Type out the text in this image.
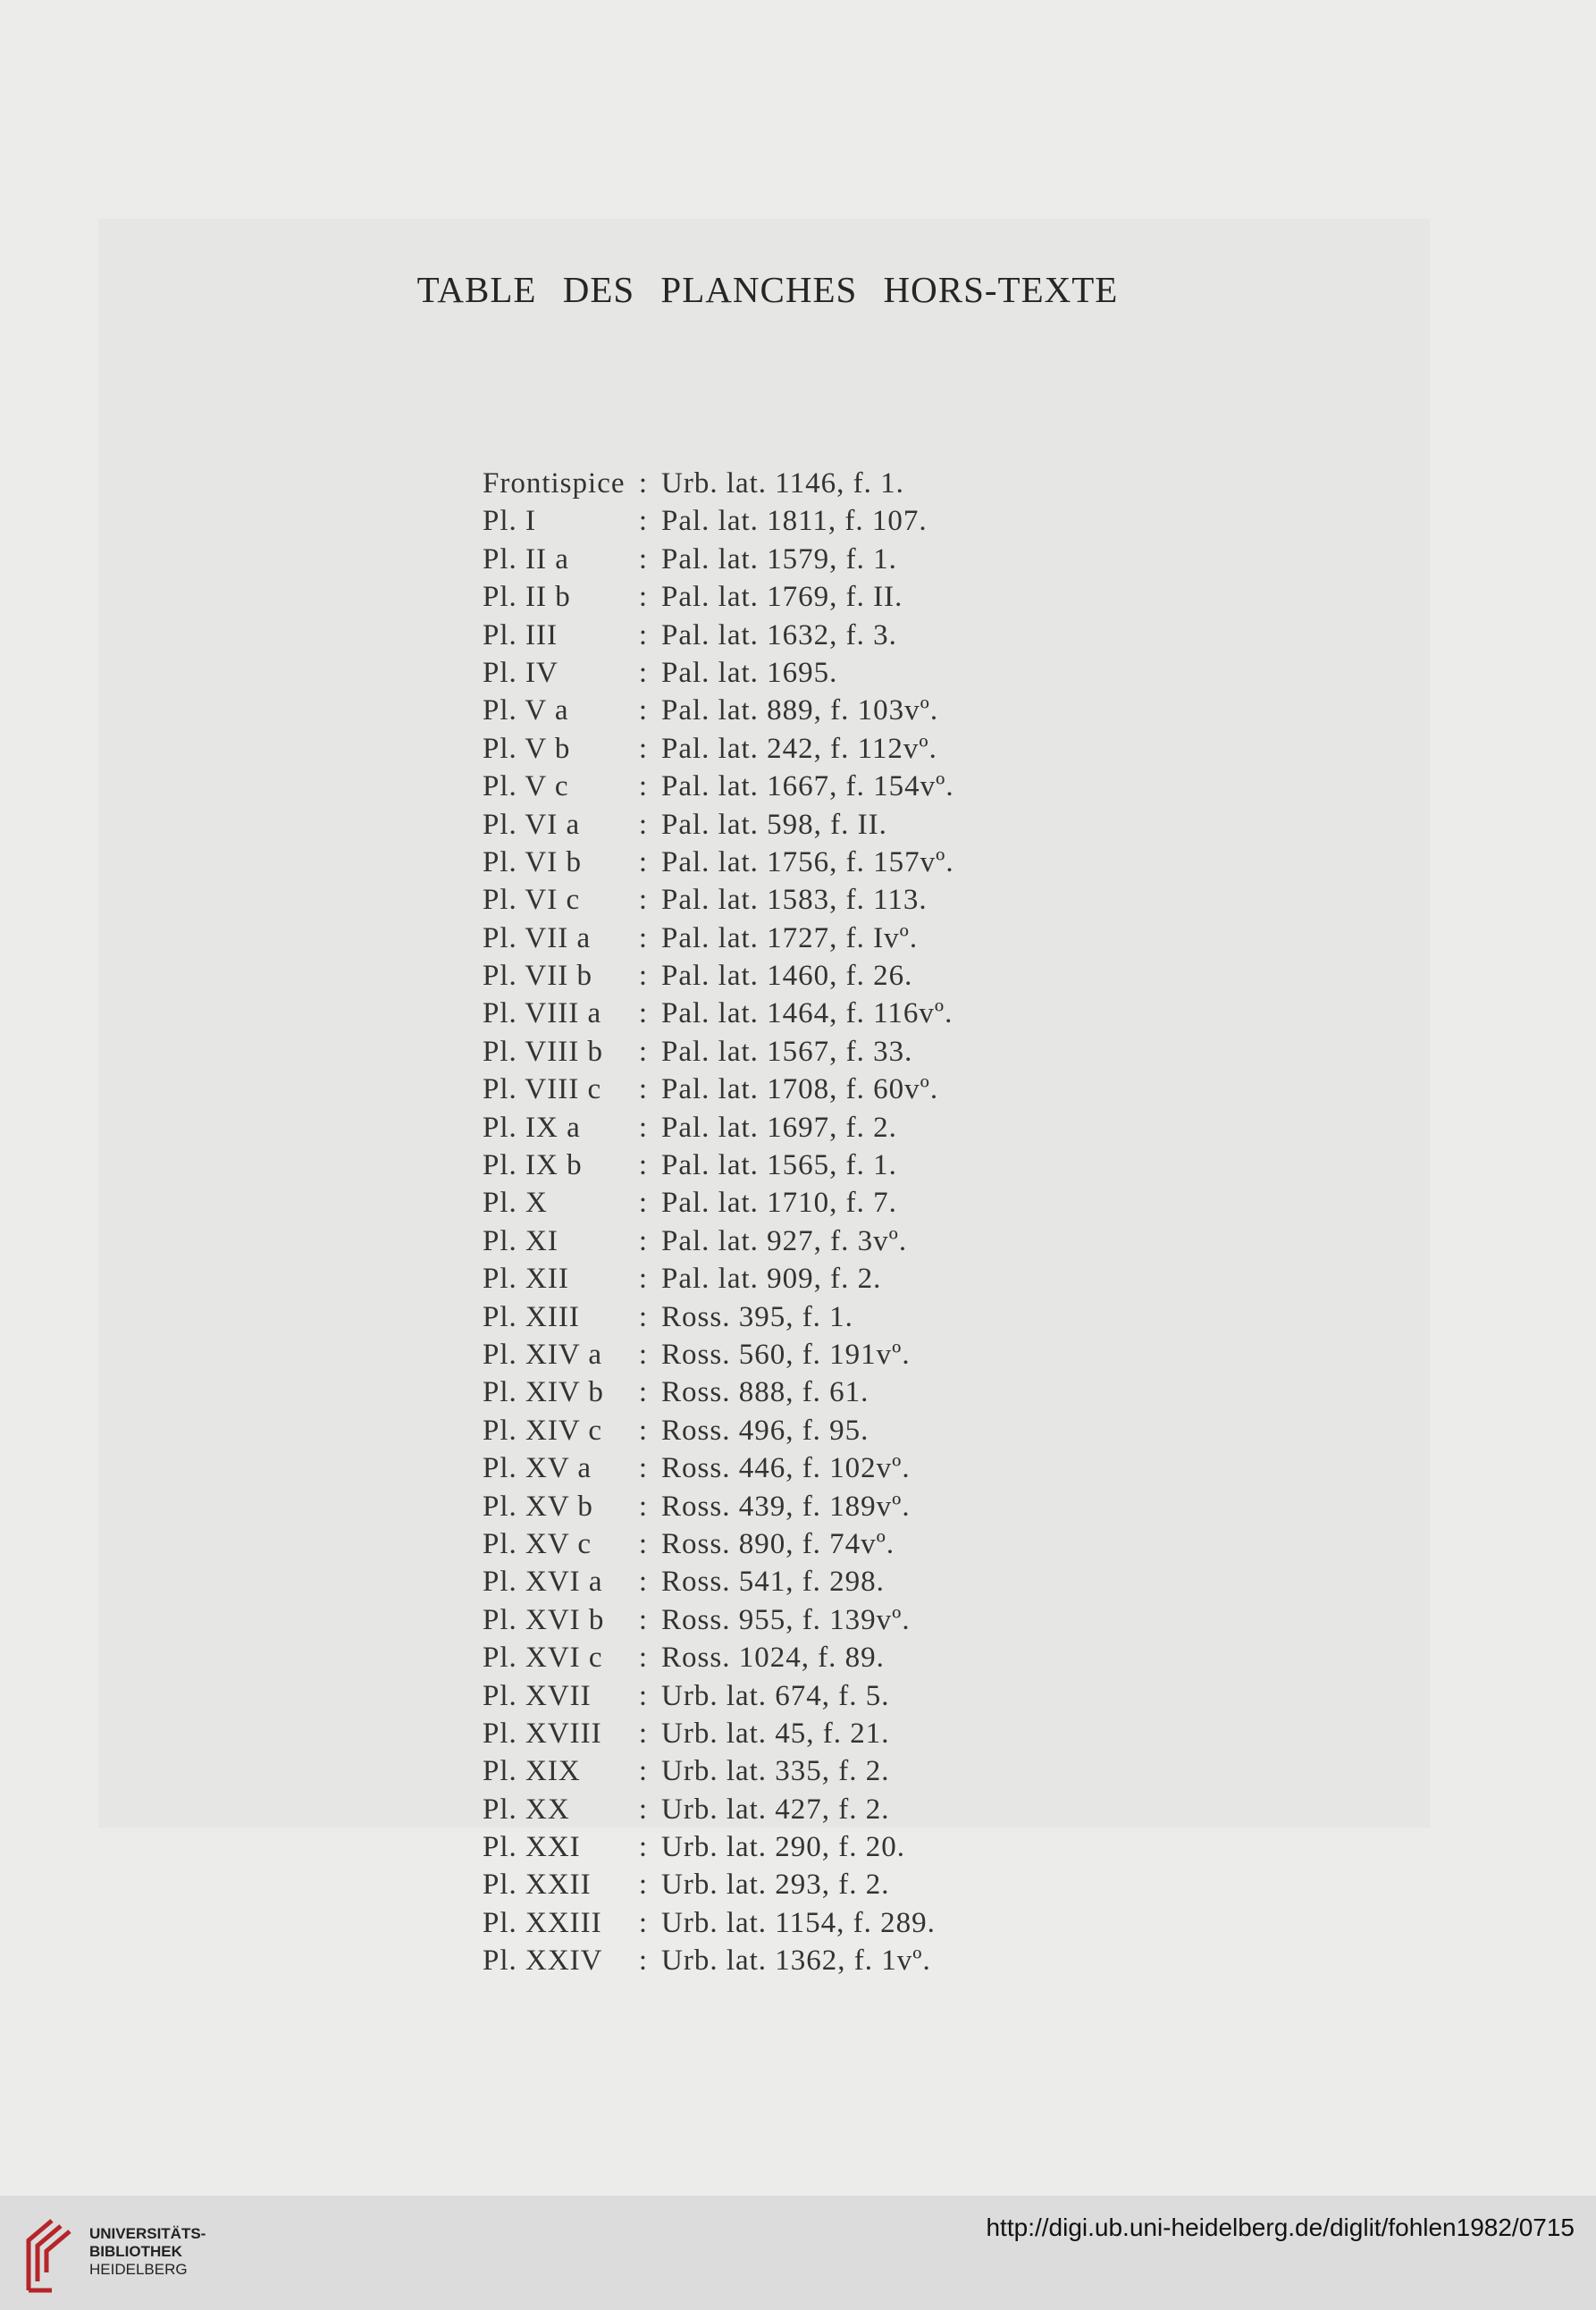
TABLE DES PLANCHES HORS-TEXTE
Frontispice : Urb. lat. 1146, f. 1.
Pl. I	: Pal. lat. 1811, f. 107.
Pl. II a	: Pal. lat. 1579, f. 1.
Pl. II b	: Pal. lat. 1769, f. II.
Pl. III	: Pal. lat. 1632, f. 3.
Pl. IV	: Pal. lat. 1695.
Pl. V a	: Pal. lat. 889, f. 103vº.
Pl. V b	: Pal. lat. 242, f. 112vº.
Pl. V c	: Pal. lat. 1667, f. 154vº.
Pl. VI a	: Pal. lat. 598, f. II.
Pl. VI b	: Pal. lat. 1756, f. 157vº.
Pl. VI c	: Pal. lat. 1583, f. 113.
Pl. VII a	: Pal. lat. 1727, f. Ivº.
Pl. VII b	: Pal. lat. 1460, f. 26.
Pl. VIII a	: Pal. lat. 1464, f. 116vº.
Pl. VIII b	: Pal. lat. 1567, f. 33.
Pl. VIII c	: Pal. lat. 1708, f. 60vº.
Pl. IX a	: Pal. lat. 1697, f. 2.
Pl. IX b	: Pal. lat. 1565, f. 1.
Pl. X	: Pal. lat. 1710, f. 7.
Pl. XI	: Pal. lat. 927, f. 3vº.
Pl. XII	: Pal. lat. 909, f. 2.
Pl. XIII	: Ross. 395, f. 1.
Pl. XIV a	: Ross. 560, f. 191vº.
Pl. XIV b	: Ross. 888, f. 61.
Pl. XIV c	: Ross. 496, f. 95.
Pl. XV a	: Ross. 446, f. 102vº.
Pl. XV b	: Ross. 439, f. 189vº.
Pl. XV c	: Ross. 890, f. 74vº.
Pl. XVI a	: Ross. 541, f. 298.
Pl. XVI b	: Ross. 955, f. 139vº.
Pl. XVI c	: Ross. 1024, f. 89.
Pl. XVII	: Urb. lat. 674, f. 5.
Pl. XVIII	: Urb. lat. 45, f. 21.
Pl. XIX	: Urb. lat. 335, f. 2.
Pl. XX	: Urb. lat. 427, f. 2.
Pl. XXI	: Urb. lat. 290, f. 20.
Pl. XXII	: Urb. lat. 293, f. 2.
Pl. XXIII	: Urb. lat. 1154, f. 289.
Pl. XXIV	: Urb. lat. 1362, f. 1vº.
UNIVERSITÄTS-
BIBLIOTHEK
HEIDELBERG
http://digi.ub.uni-heidelberg.de/diglit/fohlen1982/0715
